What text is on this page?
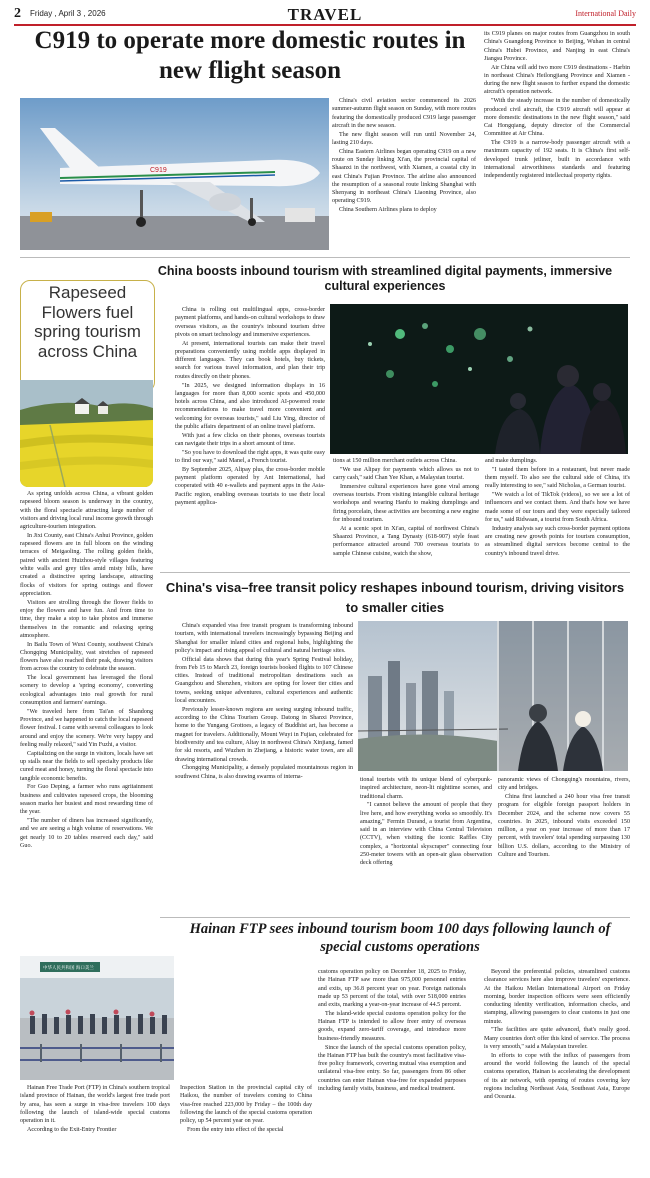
2 Friday , April 3 , 2026	TRAVEL	International Daily
C919 to operate more domestic routes in new flight season
C919

China's civil aviation sector commenced its 2026 summer-autumn flight season on Sunday, with more routes featuring the domestically produced C919 large passenger aircraft in the new season.

The new flight season will run until November 24, lasting 210 days.

China Eastern Airlines began operating C919 on a new route on Sunday linking Xi'an, the provincial capital of Shaanxi in the northwest, with Xiamen, a coastal city in east China's Fujian Province. The airline also announced the resumption of a seasonal route linking Shanghai with Shenyang in northeast China's Liaoning Province, also operating C919.

China Southern Airlines plans to deploy

its C919 planes on major routes from Guangzhou in south China's Guangdong Province to Beijing, Wuhan in central China's Hubei Province, and Nanjing in east China's Jiangsu Province.

Air China will add two more C919 destinations - Harbin in northeast China's Heilongjiang Province and Xiamen - during the new flight season to further expand the domestic aircraft's operation network.

"With the steady increase in the number of domestically produced civil aircraft, the C919 aircraft will appear at more domestic destinations in the new flight season," said Cai Hongqiang, deputy director of the Commercial Committee at Air China.

The C919 is a narrow-body passenger aircraft with a maximum capacity of 192 seats. It is China's first self-developed trunk jetliner, built in accordance with international airworthiness standards and featuring independently registered intellectual property rights.

China boosts inbound tourism with streamlined digital payments, immersive cultural experiences

China is rolling out multilingual apps, cross-border payment platforms, and hands-on cultural workshops to draw overseas visitors, as the country's inbound tourism drive pivots on smart technology and immersive experiences.

At present, international tourists can make their travel preparations conveniently using mobile apps displayed in different languages. They can book hotels, buy tickets, search for various travel information, and plan their trip routes directly on their phones.

"In 2025, we designed information displays in 16 languages for more than 8,000 scenic spots and 450,000 hotels across China, and also introduced AI-powered route recommendations to make travel more convenient and welcoming for overseas tourists," said Liu Ying, director of the public affairs department of an online travel platform.

With just a few clicks on their phones, overseas tourists can navigate their trips in a short amount of time.

"So you have to download the right apps, it was quite easy to find our way," said Manel, a French tourist.

By September 2025, Alipay plus, the cross-border mobile payment platform operated by Ant International, had cooperated with 40 e-wallets and payment apps in the Asia-Pacific region, enabling overseas tourists to use their local payment applica-

tions at 150 million merchant outlets across China.

"We use Alipay for payments which allows us not to carry cash," said Chan Yee Khan, a Malaysian tourist.

Immersive cultural experiences have gone viral among overseas tourists. From visiting intangible cultural heritage workshops and wearing Hanfu to making dumplings and firing porcelain, these activities are becoming a new engine for inbound tourism.

At a scenic spot in Xi'an, capital of northwest China's Shaanxi Province, a Tang Dynasty (618-907) style feast performance attracted around 700 overseas tourists to sample Chinese cuisine, watch the show,

and make dumplings.

"I tasted them before in a restaurant, but never made them myself. To also see the cultural side of China, it's really interesting to see," said Nicholas, a German tourist.

"We watch a lot of TikTok (videos), so we see a lot of influencers and we contact them. And that's how we have made some of our tours and they were especially tailored for us," said Ridwaan, a tourist from South Africa.

Industry analysts say such cross-border payment options are creating new growth points for tourism consumption, as streamlined digital services become central to the country's inbound travel drive.

Rapeseed Flowers fuel spring tourism across China

As spring unfolds across China, a vibrant golden rapeseed bloom season is underway in the country, with the floral spectacle attracting large number of visitors and driving local rural income growth through agriculture-tourism integration.

In Jixi County, east China's Anhui Province, golden rapeseed flowers are in full bloom on the winding terraces of Meigaoling. The rolling golden fields, paired with ancient Huizhou-style villages featuring white walls and grey tiles amid misty hills, have created a distinctive spring landscape, attracting flocks of visitors for spring outings and flower appreciation.

Visitors are strolling through the flower fields to enjoy the flowers and have fun. And from time to time, they make a stop to take photos and immerse themselves in the romantic and relaxing spring atmosphere.

In Bailu Town of Wuxi County, southwest China's Chongqing Municipality, vast stretches of rapeseed flowers have also reached their peak, drawing visitors from across the country to celebrate the season.

The local government has leveraged the floral scenery to develop a 'spring economy', converting ecological advantages into real growth for rural consumption and farmers' earnings.

"We traveled here from Tai'an of Shandong Province, and we happened to catch the local rapeseed flower festival. I came with several colleagues to look around and enjoy the scenery. We're very happy and feeling really relaxed," said Yin Fuzhi, a visitor.

Capitalizing on the surge in visitors, locals have set up stalls near the fields to sell specialty products like cured meat and honey, turning the floral spectacle into tangible economic benefits.

For Guo Deping, a farmer who runs agritainment business and cultivates rapeseed crops, the blooming season marks her busiest and most rewarding time of the year.

"The number of diners has increased significantly, and we are seeing a high volume of reservations. We get nearly 10 to 20 tables reserved each day," said Guo.

China's visa–free transit policy reshapes inbound tourism, driving visitors to smaller cities

China's expanded visa free transit program is transforming inbound tourism, with international travelers increasingly bypassing Beijing and Shanghai for smaller inland cities and regional hubs, highlighting the policy's impact and rising appeal of cultural and natural heritage sites.

Official data shows that during this year's Spring Festival holiday, from Feb 15 to March 23, foreign tourists booked flights to 107 Chinese cities. Instead of traditional metropolitan destinations such as Guangzhou and Shenzhen, visitors are opting for lower tier cities and towns, seeking unique adventures, cultural experiences and authentic local encounters.

Previously lesser-known regions are seeing surging inbound traffic, according to the China Tourism Group. Datong in Shanxi Province, home to the Yungang Grottoes, a legacy of Buddhist art, has become a magnet for travelers. Additionally, Mount Wuyi in Fujian, celebrated for biodiversity and tea culture, Altay in northwest China's Xinjiang, famed for ski resorts, and Wuzhen in Zhejiang, a historic water town, are all drawing international crowds.

Chongqing Municipality, a densely populated mountainous region in southwest China, is also drawing swarms of interna-

tional tourists with its unique blend of cyberpunk-inspired architecture, neon-lit nighttime scenes, and traditional charm.

"I cannot believe the amount of people that they live here, and how everything works so smoothly. It's amazing," Fermin Durand, a tourist from Argentina, said in an interview with China Central Television (CCTV), when visiting the iconic Raffles City complex, a "horizontal skyscraper" connecting four 250-meter towers with an open-air glass observation deck offering

panoramic views of Chongqing's mountains, rivers, city and bridges.

China first launched a 240 hour visa free transit program for eligible foreign passport holders in December 2024, and the scheme now covers 55 countries. In 2025, inbound visits exceeded 150 million, a year on year increase of more than 17 percent, with travelers' total spending surpassing 130 billion U.S. dollars, according to the Ministry of Culture and Tourism.

Hainan FTP sees inbound tourism boom 100 days following launch of special customs operations
中华人民共和国 海口美兰

Hainan Free Trade Port (FTP) in China's southern tropical island province of Hainan, the world's largest free trade port by area, has seen a surge in visa-free travelers 100 days following the launch of island-wide special customs operation in it.

According to the Exit-Entry Frontier

Inspection Station in the provincial capital city of Haikou, the number of travelers coming to China visa-free reached 223,000 by Friday – the 100th day following the launch of the special customs operation policy, up 54 percent year on year.

From the entry into effect of the special

customs operation policy on December 18, 2025 to Friday, the Hainan FTP saw more than 975,000 personnel entries and exits, up 36.8 percent year on year. Foreign nationals made up 53 percent of the total, with over 518,000 entries and exits, marking a year-on-year increase of 44.5 percent.

The island-wide special customs operation policy for the Hainan FTP is intended to allow freer entry of overseas goods, expand zero-tariff coverage, and introduce more business-friendly measures.

Since the launch of the special customs operation policy, the Hainan FTP has built the country's most facilitative visa-free policy framework, covering mutual visa exemption and unilateral visa-free entry. So far, passengers from 86 other countries can enter Hainan visa-free for expanded purposes including family visits, business, and medical treatment.

Beyond the preferential policies, streamlined customs clearance services here also improve travelers' experience. At the Haikou Meilan International Airport on Friday morning, border inspection officers were seen efficiently conducting identity verification, information checks, and stamping, allowing passengers to clear customs in just one minute.

"The facilities are quite advanced, that's really good. Many countries don't offer this kind of service. The process is very smooth," said a Malaysian traveler.

In efforts to cope with the influx of passengers from around the world following the launch of the special customs operation, Hainan is accelerating the development of its air network, with opening of routes covering key regions including Northeast Asia, Southeast Asia, Europe and Oceania.
